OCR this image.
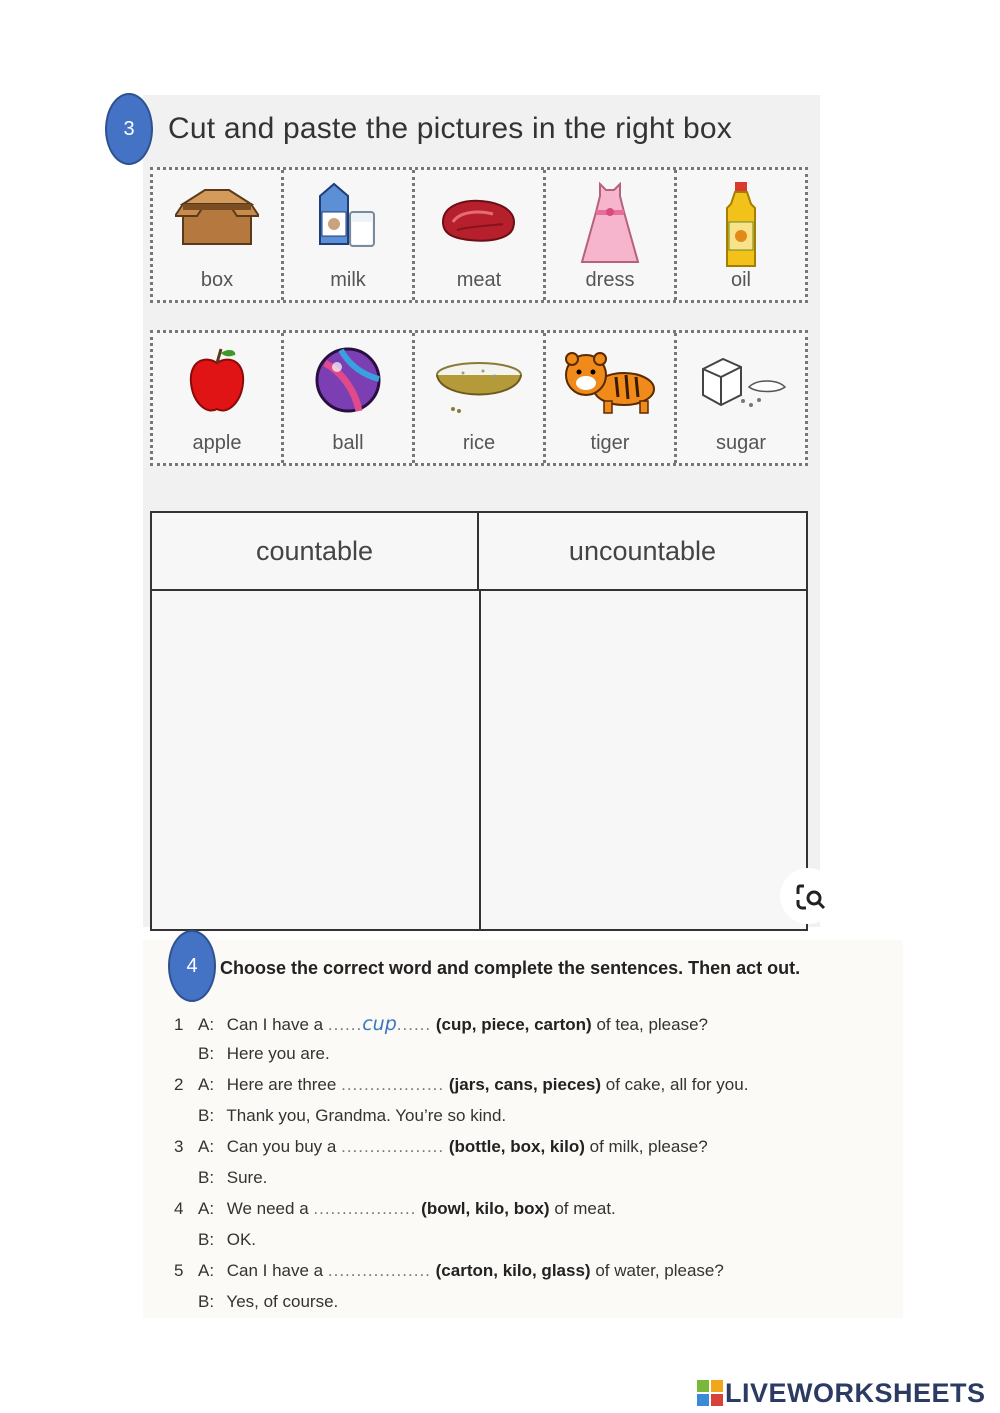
3	Cut and paste the pictures in the right box
box	milk	meat	dress	oil
apple	ball	rice	tiger	sugar
countable	uncountable
4	Choose the correct word and complete the sentences. Then act out.
1 A: Can I have a ......cup...... (cup, piece, carton) of tea, please?
B: Here you are.
2 A: Here are three .................. (jars, cans, pieces) of cake, all for you.
B: Thank you, Grandma. You’re so kind.
3 A: Can you buy a .................. (bottle, box, kilo) of milk, please?
B: Sure.
4 A: We need a .................. (bowl, kilo, box) of meat.
B: OK.
5 A: Can I have a .................. (carton, kilo, glass) of water, please?
B: Yes, of course.
LIVEWORKSHEETS
